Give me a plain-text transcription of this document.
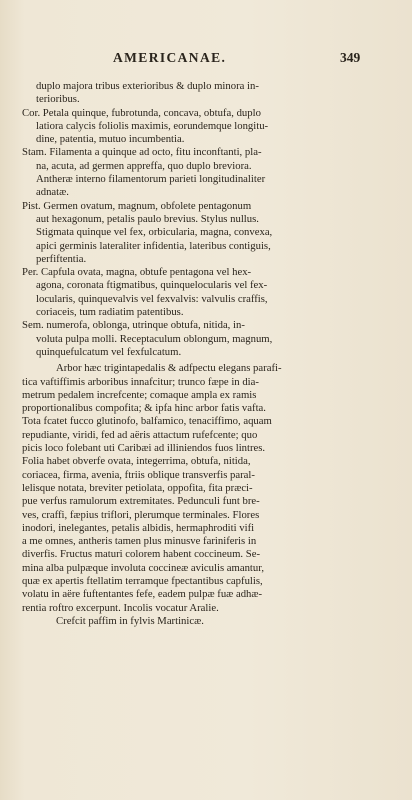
AMERICANAE.	349
duplo majora tribus exterioribus & duplo minora in-
terioribus.
Cor. Petala quinque, fubrotunda, concava, obtufa, duplo
latiora calycis foliolis maximis, eorundemque longitu-
dine, patentia, mutuo incumbentia.
Stam. Filamenta a quinque ad octo, fitu inconftanti, pla-
na, acuta, ad germen appreffa, quo duplo breviora.
Antheræ interno filamentorum parieti longitudinaliter
adnatæ.
Pist. Germen ovatum, magnum, obfolete pentagonum
aut hexagonum, petalis paulo brevius. Stylus nullus.
Stigmata quinque vel fex, orbicularia, magna, convexa,
apici germinis lateraliter infidentia, lateribus contiguis,
perfiftentia.
Per. Capfula ovata, magna, obtufe pentagona vel hex-
agona, coronata ftigmatibus, quinquelocularis vel fex-
locularis, quinquevalvis vel fexvalvis: valvulis craffis,
coriaceis, tum radiatim patentibus.
Sem. numerofa, oblonga, utrinque obtufa, nitida, in-
voluta pulpa molli. Receptaculum oblongum, magnum,
quinquefulcatum vel fexfulcatum.
Arbor hæc trigintapedalis & adfpectu elegans parafi-
tica vaftiffimis arboribus innafcitur; trunco fæpe in dia-
metrum pedalem increfcente; comaque ampla ex ramis
proportionalibus compofita; & ipfa hinc arbor fatis vafta.
Tota fcatet fucco glutinofo, balfamico, tenaciffimo, aquam
repudiante, viridi, fed ad aëris attactum rufefcente; quo
picis loco folebant uti Caribæi ad illiniendos fuos lintres.
Folia habet obverfe ovata, integerrima, obtufa, nitida,
coriacea, firma, avenia, ftriis oblique transverfis paral-
lelisque notata, breviter petiolata, oppofita, fita præci-
pue verfus ramulorum extremitates. Pedunculi funt bre-
ves, craffi, fæpius triflori, plerumque terminales. Flores
inodori, inelegantes, petalis albidis, hermaphroditi vifi
a me omnes, antheris tamen plus minusve fariniferis in
diverfis. Fructus maturi colorem habent coccineum. Se-
mina alba pulpæque involuta coccineæ aviculis amantur,
quæ ex apertis ftellatim terramque fpectantibus capfulis,
volatu in aëre fuftentantes fefe, eadem pulpæ fuæ adhæ-
rentia roftro excerpunt. Incolis vocatur Aralie.
Crefcit paffim in fylvis Martinicæ.
